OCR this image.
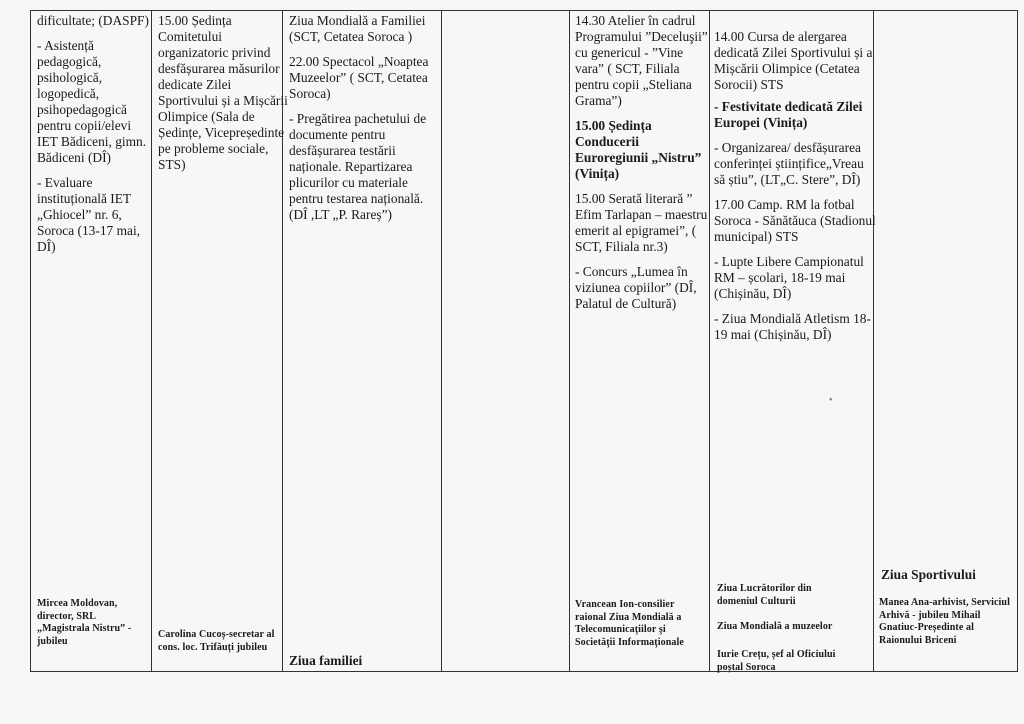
dificultate; (DASPF)

- Asistență pedagogică, psihologică, logopedică, psihopedagogică pentru copii/elevi IET Bădiceni, gimn. Bădiceni (DÎ)

- Evaluare instituțională IET „Ghiocel” nr. 6, Soroca (13-17 mai, DÎ)

15.00 Ședința Comitetului organizatoric privind desfășurarea măsurilor dedicate Zilei Sportivului și a Mișcării Olimpice (Sala de Ședințe, Vicepreședinte pe probleme sociale, STS)

Ziua Mondială a Familiei (SCT, Cetatea Soroca )

22.00 Spectacol „Noaptea Muzeelor” ( SCT, Cetatea Soroca)

- Pregătirea pachetului de documente pentru desfășurarea testării naționale. Repartizarea plicurilor cu materiale pentru testarea națională. (DÎ ,LT „P. Rareș”)

14.30 Atelier în cadrul Programului ”Deceluşii” cu genericul - ”Vine vara” ( SCT, Filiala pentru copii „Steliana Grama”)

15.00 Ședința Conducerii Euroregiunii „Nistru” (Vinița)

15.00 Serată literară ” Efim Tarlapan – maestru emerit al epigramei”, ( SCT, Filiala nr.3)

- Concurs „Lumea în viziunea copiilor” (DÎ, Palatul de Cultură)

14.00 Cursa de alergarea dedicată Zilei Sportivului și a Mișcării Olimpice (Cetatea Sorocii) STS

- Festivitate dedicată Zilei Europei (Vinița)

- Organizarea/ desfășurarea conferinței științifice„Vreau să știu”, (LT„C. Stere”, DÎ)

17.00 Camp. RM la fotbal Soroca - Sănătăuca (Stadionul municipal) STS

- Lupte Libere Campionatul RM – școlari, 18-19 mai (Chișinău, DÎ)

- Ziua Mondială Atletism 18-19 mai (Chișinău, DÎ)

Mircea Moldovan, director, SRL „Magistrala Nistru” - jubileu
Carolina Cucoș-secretar al cons. loc. Trifăuți jubileu
Ziua familiei
Vrancean Ion-consilier raional Ziua Mondială a Telecomunicaţiilor şi Societăţii Informaţionale
Ziua Lucrătorilor din domeniul Culturii
Ziua Mondială a muzeelor
Iurie Crețu, șef al Oficiului poștal Soroca
Ziua Sportivului
Manea Ana-arhivist, Serviciul Arhivă - jubileu Mihail Gnatiuc-Președinte al Raionului Briceni
•
